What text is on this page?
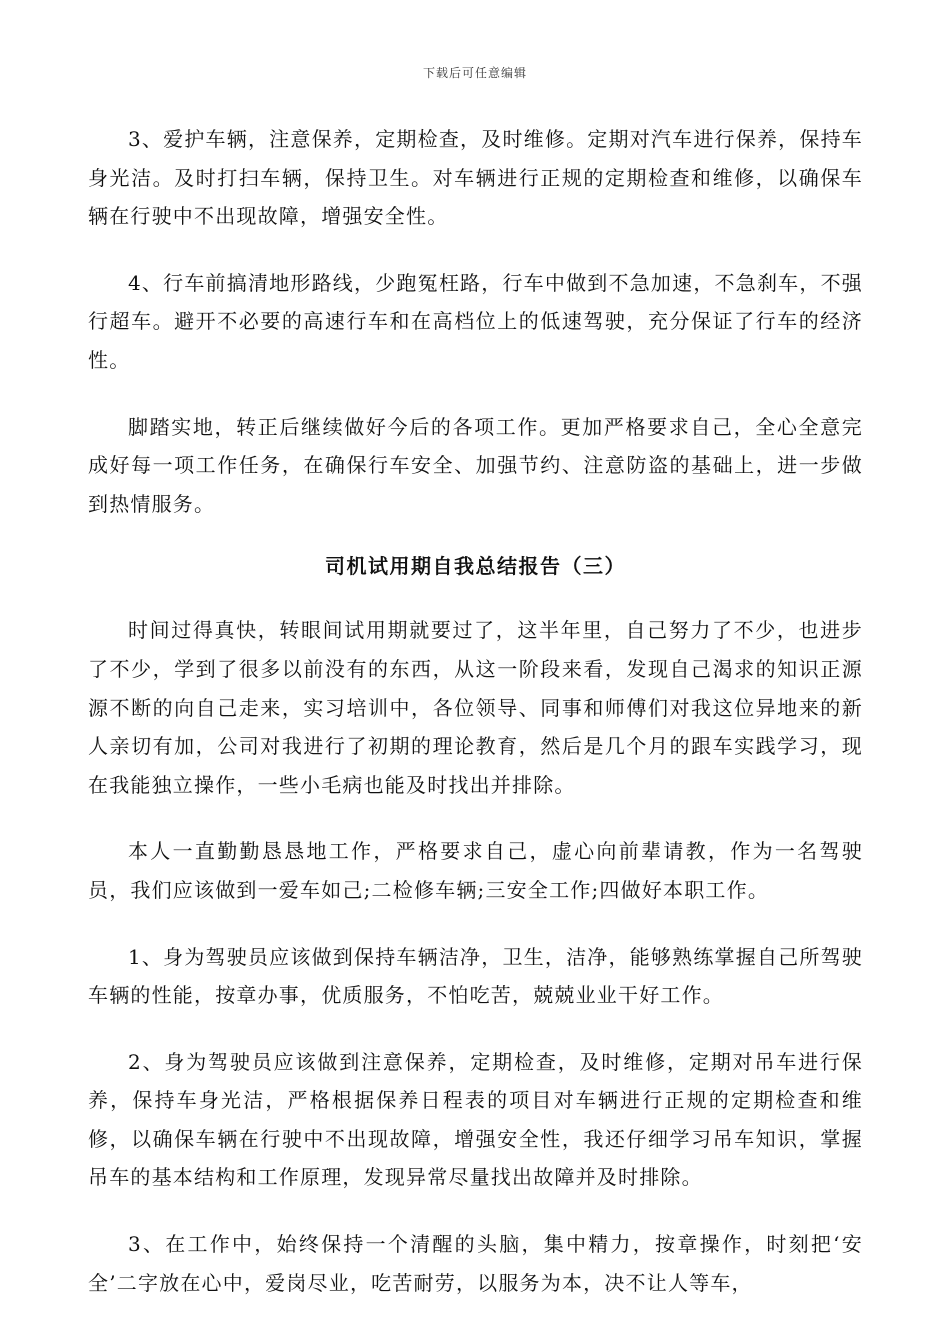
下载后可任意编辑

3、爱护车辆，注意保养，定期检查，及时维修。定期对汽车进行保养，保持车身光洁。及时打扫车辆，保持卫生。对车辆进行正规的定期检查和维修，以确保车辆在行驶中不出现故障，增强安全性。

4、行车前搞清地形路线，少跑冤枉路，行车中做到不急加速，不急刹车，不强行超车。避开不必要的高速行车和在高档位上的低速驾驶，充分保证了行车的经济性。

脚踏实地，转正后继续做好今后的各项工作。更加严格要求自己，全心全意完成好每一项工作任务，在确保行车安全、加强节约、注意防盗的基础上，进一步做到热情服务。

司机试用期自我总结报告（三）

时间过得真快，转眼间试用期就要过了，这半年里，自己努力了不少，也进步了不少，学到了很多以前没有的东西，从这一阶段来看，发现自己渴求的知识正源源不断的向自己走来，实习培训中，各位领导、同事和师傅们对我这位异地来的新人亲切有加，公司对我进行了初期的理论教育，然后是几个月的跟车实践学习，现在我能独立操作，一些小毛病也能及时找出并排除。

本人一直勤勤恳恳地工作，严格要求自己，虚心向前辈请教，作为一名驾驶员，我们应该做到一爱车如己;二检修车辆;三安全工作;四做好本职工作。

1、身为驾驶员应该做到保持车辆洁净，卫生，洁净，能够熟练掌握自己所驾驶车辆的性能，按章办事，优质服务，不怕吃苦，兢兢业业干好工作。

2、身为驾驶员应该做到注意保养，定期检查，及时维修，定期对吊车进行保养，保持车身光洁，严格根据保养日程表的项目对车辆进行正规的定期检查和维修，以确保车辆在行驶中不出现故障，增强安全性，我还仔细学习吊车知识，掌握吊车的基本结构和工作原理，发现异常尽量找出故障并及时排除。

3、在工作中，始终保持一个清醒的头脑，集中精力，按章操作，时刻把‘安全’二字放在心中，爱岗尽业，吃苦耐劳，以服务为本，决不让人等车，
